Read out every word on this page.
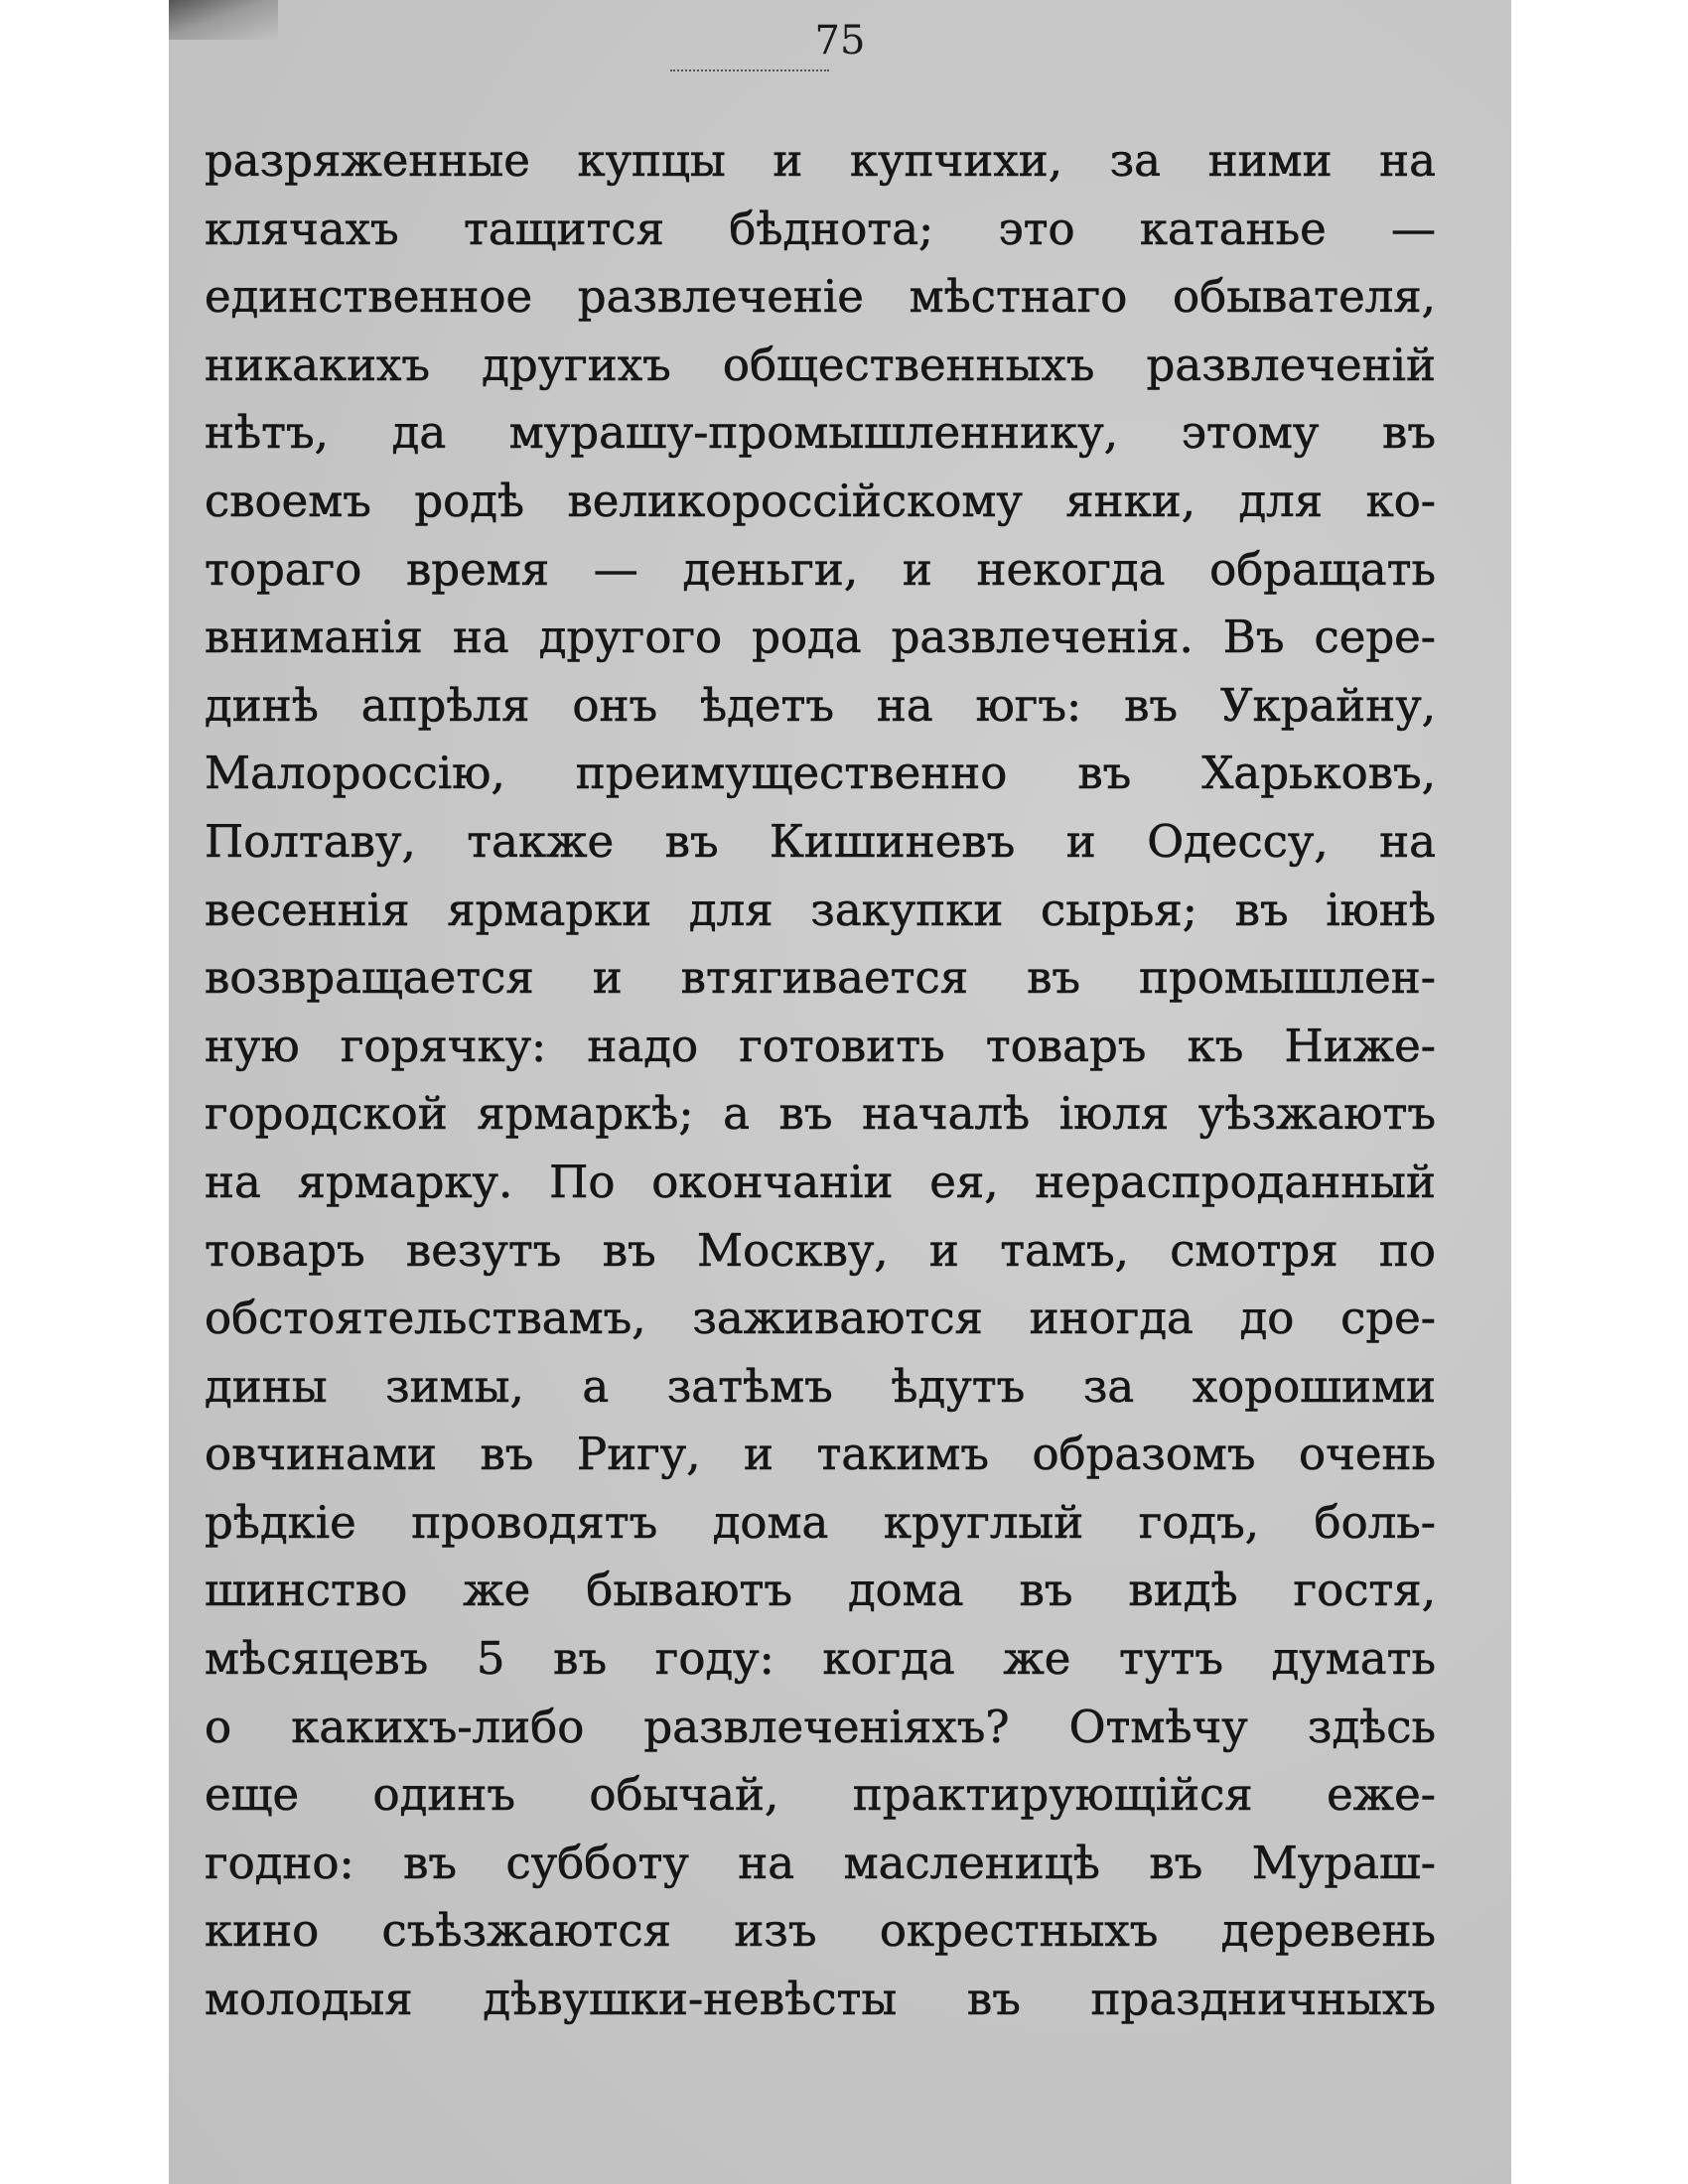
75
разряженные купцы и купчихи, за ними на
клячахъ тащится бѣднота; это катанье —
единственное развлеченіе мѣстнаго обывателя,
никакихъ другихъ общественныхъ развлеченій
нѣтъ, да мурашу-промышленнику, этому въ
своемъ родѣ великороссійскому янки, для ко-
тораго время — деньги, и некогда обращать
вниманія на другого рода развлеченія. Въ сере-
динѣ апрѣля онъ ѣдетъ на югъ: въ Украйну,
Малороссію, преимущественно въ Харьковъ,
Полтаву, также въ Кишиневъ и Одессу, на
весеннія ярмарки для закупки сырья; въ іюнѣ
возвращается и втягивается въ промышлен-
ную горячку: надо готовить товаръ къ Ниже-
городской ярмаркѣ; а въ началѣ іюля уѣзжаютъ
на ярмарку. По окончаніи ея, нераспроданный
товаръ везутъ въ Москву, и тамъ, смотря по
обстоятельствамъ, заживаются иногда до сре-
дины зимы, а затѣмъ ѣдутъ за хорошими
овчинами въ Ригу, и такимъ образомъ очень
рѣдкіе проводятъ дома круглый годъ, боль-
шинство же бываютъ дома въ видѣ гостя,
мѣсяцевъ 5 въ году: когда же тутъ думать
о какихъ-либо развлеченіяхъ? Отмѣчу здѣсь
еще одинъ обычай, практирующійся еже-
годно: въ субботу на масленицѣ въ Мураш-
кино съѣзжаются изъ окрестныхъ деревень
молодыя дѣвушки-невѣсты въ праздничныхъ
